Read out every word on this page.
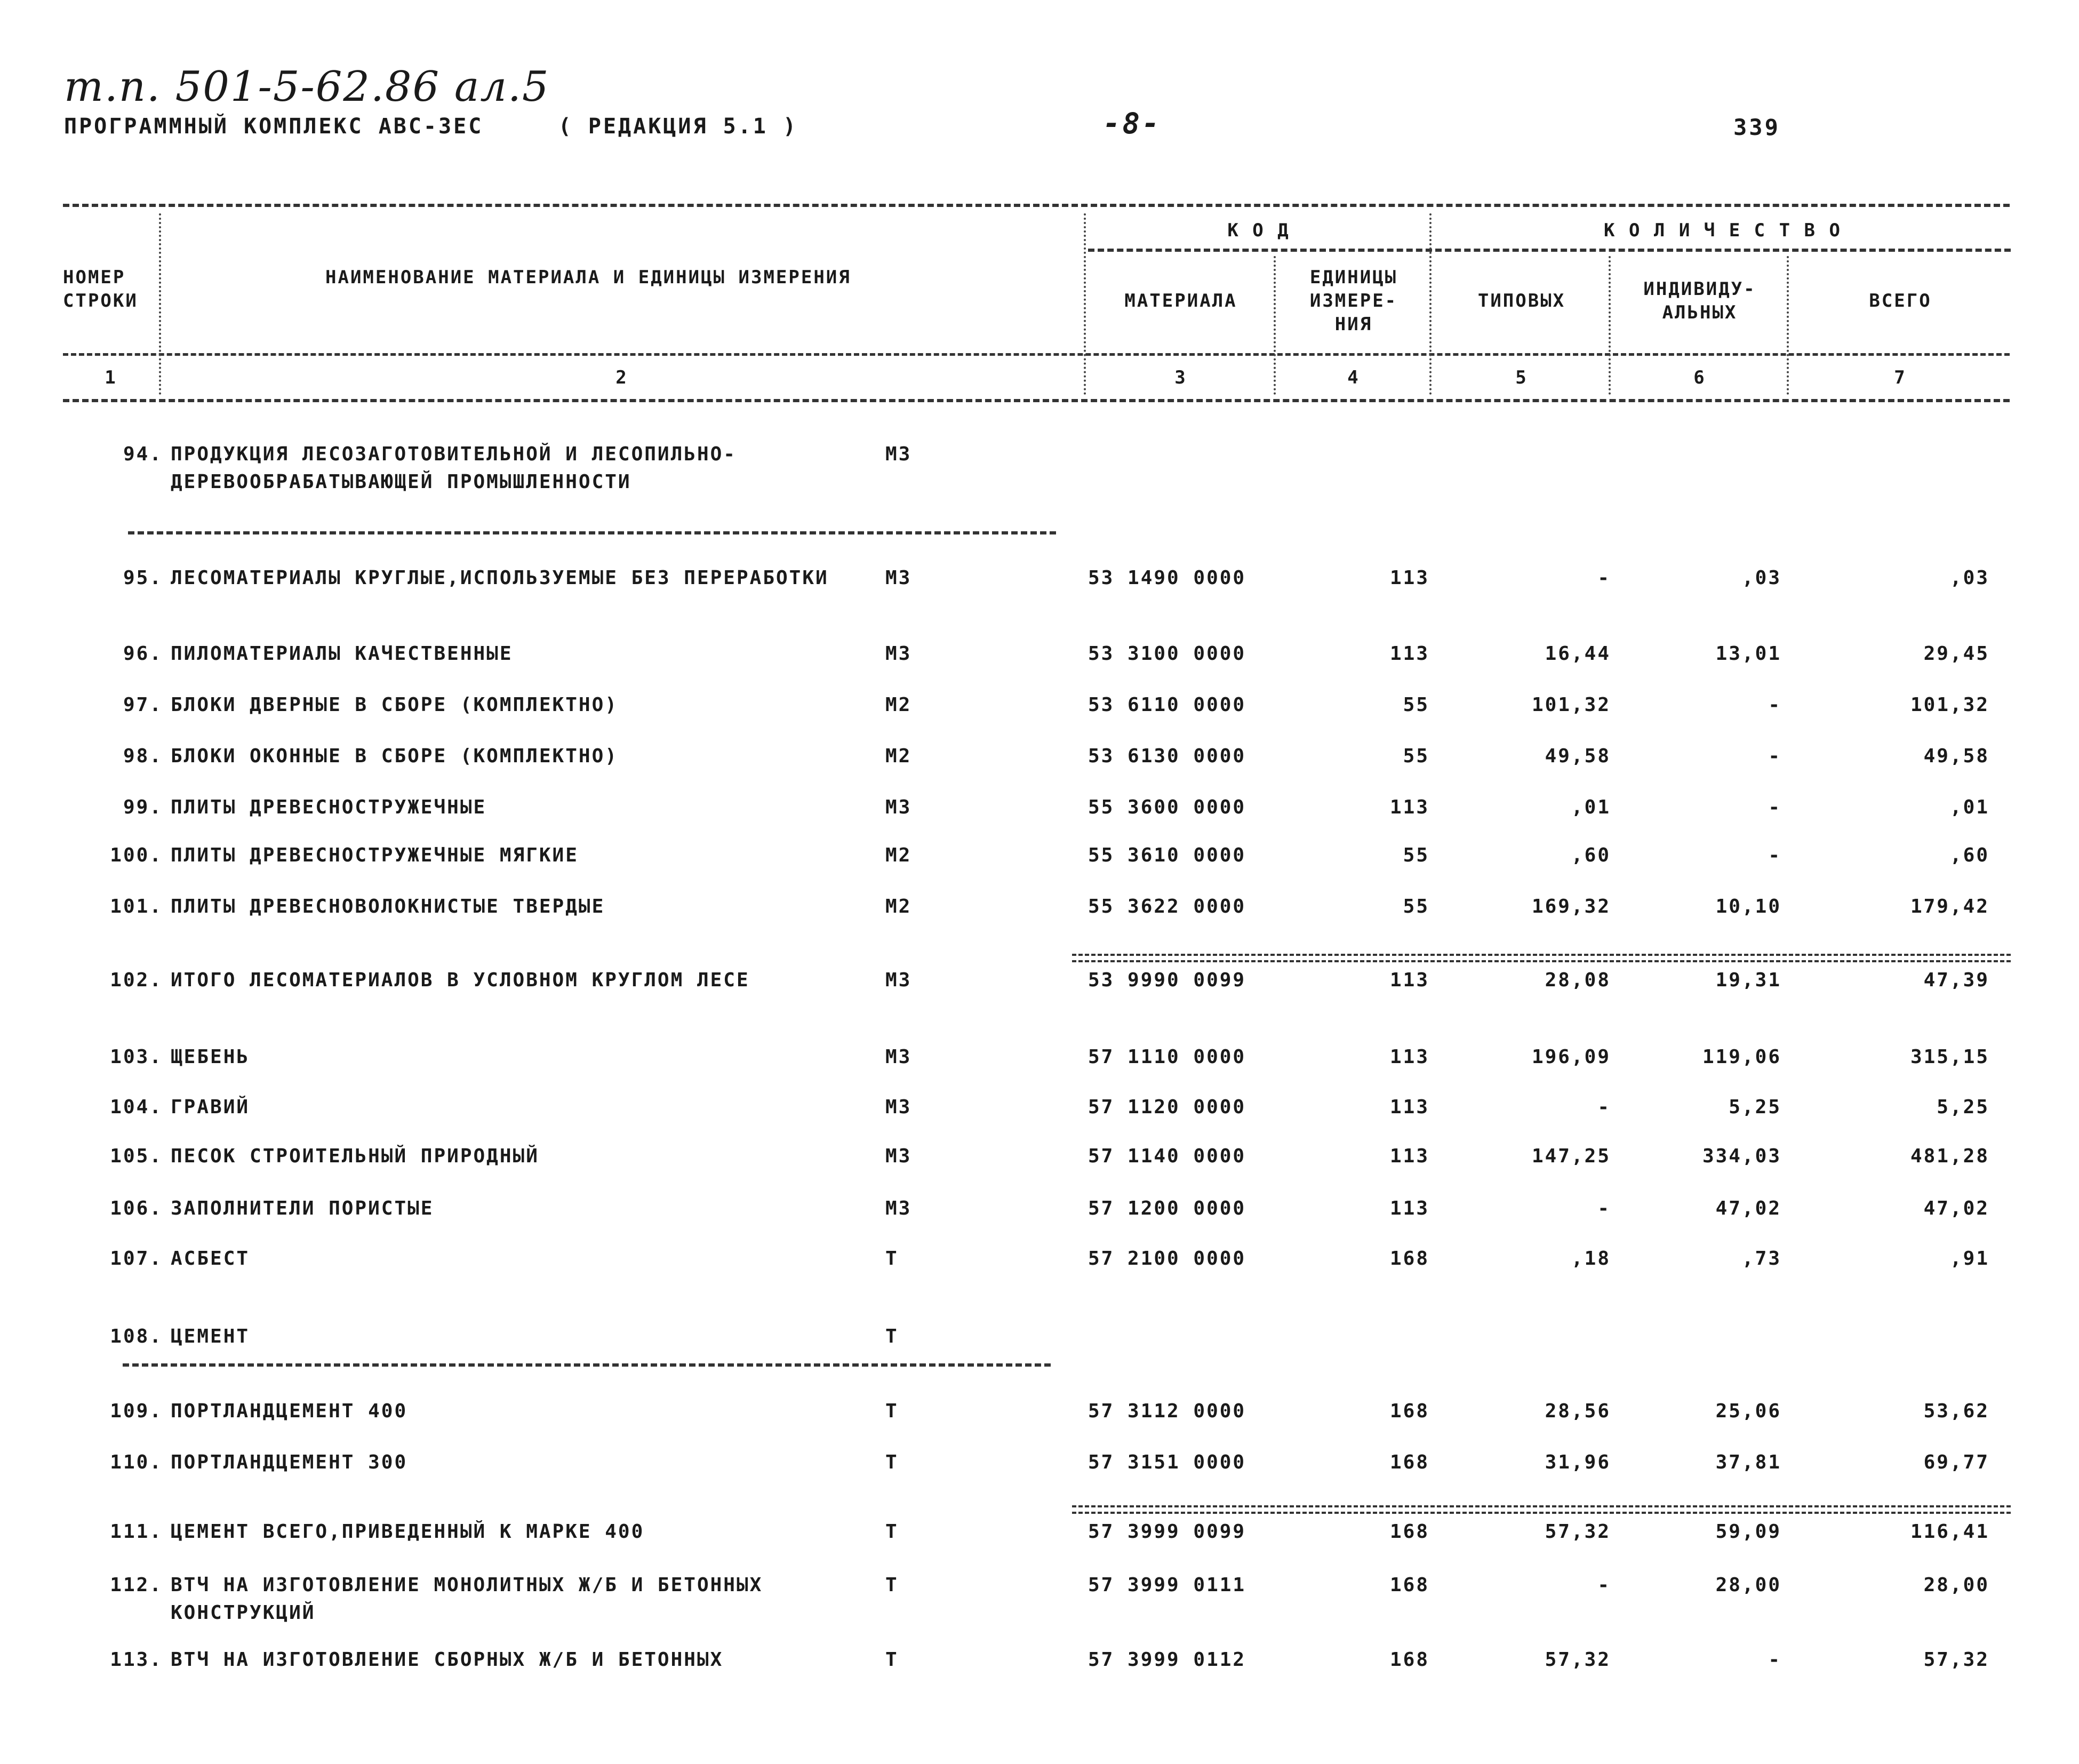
т.п. 501-5-62.86 ал.5
ПРОГРАММНЫЙ КОМПЛЕКС АВС-ЗЕС	( РЕДАКЦИЯ 5.1 )	-8-	339
НОМЕР
СТРОКИ
НАИМЕНОВАНИЕ МАТЕРИАЛА И ЕДИНИЦЫ ИЗМЕРЕНИЯ
К О Д	К О Л И Ч Е С Т В О
МАТЕРИАЛА
ЕДИНИЦЫ
ИЗМЕРЕ-
НИЯ
ТИПОВЫХ
ИНДИВИДУ-
АЛЬНЫХ
ВСЕГО
1	2	3	4	5	6	7
94. ПРОДУКЦИЯ ЛЕСОЗАГОТОВИТЕЛЬНОЙ И ЛЕСОПИЛЬНО-ДЕРЕВООБРАБАТЫВАЮЩЕЙ ПРОМЫШЛЕННОСТИ
М3
95. ЛЕСОМАТЕРИАЛЫ КРУГЛЫЕ,ИСПОЛЬЗУЕМЫЕ БЕЗ ПЕРЕРАБОТКИ	М3	53 1490 0000	113	-	,03	,03
96. ПИЛОМАТЕРИАЛЫ КАЧЕСТВЕННЫЕ	М3	53 3100 0000	113	16,44	13,01	29,45
97. БЛОКИ ДВЕРНЫЕ В СБОРЕ (КОМПЛЕКТНО)	М2	53 6110 0000	55	101,32	-	101,32
98. БЛОКИ ОКОННЫЕ В СБОРЕ (КОМПЛЕКТНО)	М2	53 6130 0000	55	49,58	-	49,58
99. ПЛИТЫ ДРЕВЕСНОСТРУЖЕЧНЫЕ	М3	55 3600 0000	113	,01	-	,01
100. ПЛИТЫ ДРЕВЕСНОСТРУЖЕЧНЫЕ МЯГКИЕ	М2	55 3610 0000	55	,60	-	,60
101. ПЛИТЫ ДРЕВЕСНОВОЛОКНИСТЫЕ ТВЕРДЫЕ	М2	55 3622 0000	55	169,32	10,10	179,42
102. ИТОГО ЛЕСОМАТЕРИАЛОВ В УСЛОВНОМ КРУГЛОМ ЛЕСЕ	М3	53 9990 0099	113	28,08	19,31	47,39
103. ЩЕБЕНЬ	М3	57 1110 0000	113	196,09	119,06	315,15
104. ГРАВИЙ	М3	57 1120 0000	113	-	5,25	5,25
105. ПЕСОК СТРОИТЕЛЬНЫЙ ПРИРОДНЫЙ	М3	57 1140 0000	113	147,25	334,03	481,28
106. ЗАПОЛНИТЕЛИ ПОРИСТЫЕ	М3	57 1200 0000	113	-	47,02	47,02
107. АСБЕСТ	Т	57 2100 0000	168	,18	,73	,91
108. ЦЕМЕНТ	Т
109. ПОРТЛАНДЦЕМЕНТ 400	Т	57 3112 0000	168	28,56	25,06	53,62
110. ПОРТЛАНДЦЕМЕНТ 300	Т	57 3151 0000	168	31,96	37,81	69,77
111. ЦЕМЕНТ ВСЕГО,ПРИВЕДЕННЫЙ К МАРКЕ 400	Т	57 3999 0099	168	57,32	59,09	116,41
112. ВТЧ НА ИЗГОТОВЛЕНИЕ МОНОЛИТНЫХ Ж/Б И БЕТОННЫХ КОНСТРУКЦИЙ
Т	57 3999 0111	168	-	28,00	28,00
113. ВТЧ НА ИЗГОТОВЛЕНИЕ СБОРНЫХ Ж/Б И БЕТОННЫХ	Т	57 3999 0112	168	57,32	-	57,32
